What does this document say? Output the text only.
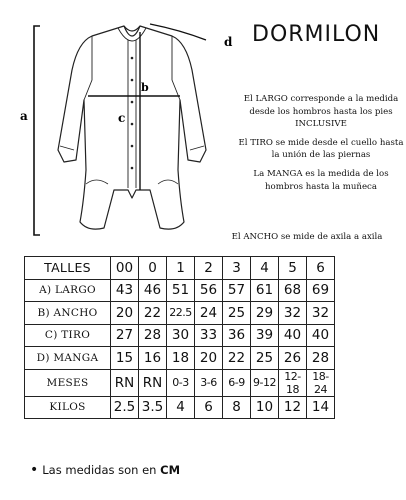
a
b
c
d DORMILON

El LARGO corresponde a la medida desde los hombros hasta los pies INCLUSIVE

El TIRO se mide desde el cuello hasta la unión de las piernas

La MANGA es la medida de los hombros hasta la muñeca

El ANCHO se mide de axila a axila
TALLES	00	0	1	2	3	4	5	6
A) LARGO	43	46	51	56	57	61	68	69
B) ANCHO	20	22	22.5	24	25	29	32	32
C) TIRO	27	28	30	33	36	39	40	40
D) MANGA	15	16	18	20	22	25	26	28
MESES	RN	RN	0-3	3-6	6-9	9-12	12-18	18-24
KILOS	2.5	3.5	4	6	8	10	12	14
• Las medidas son en CM
